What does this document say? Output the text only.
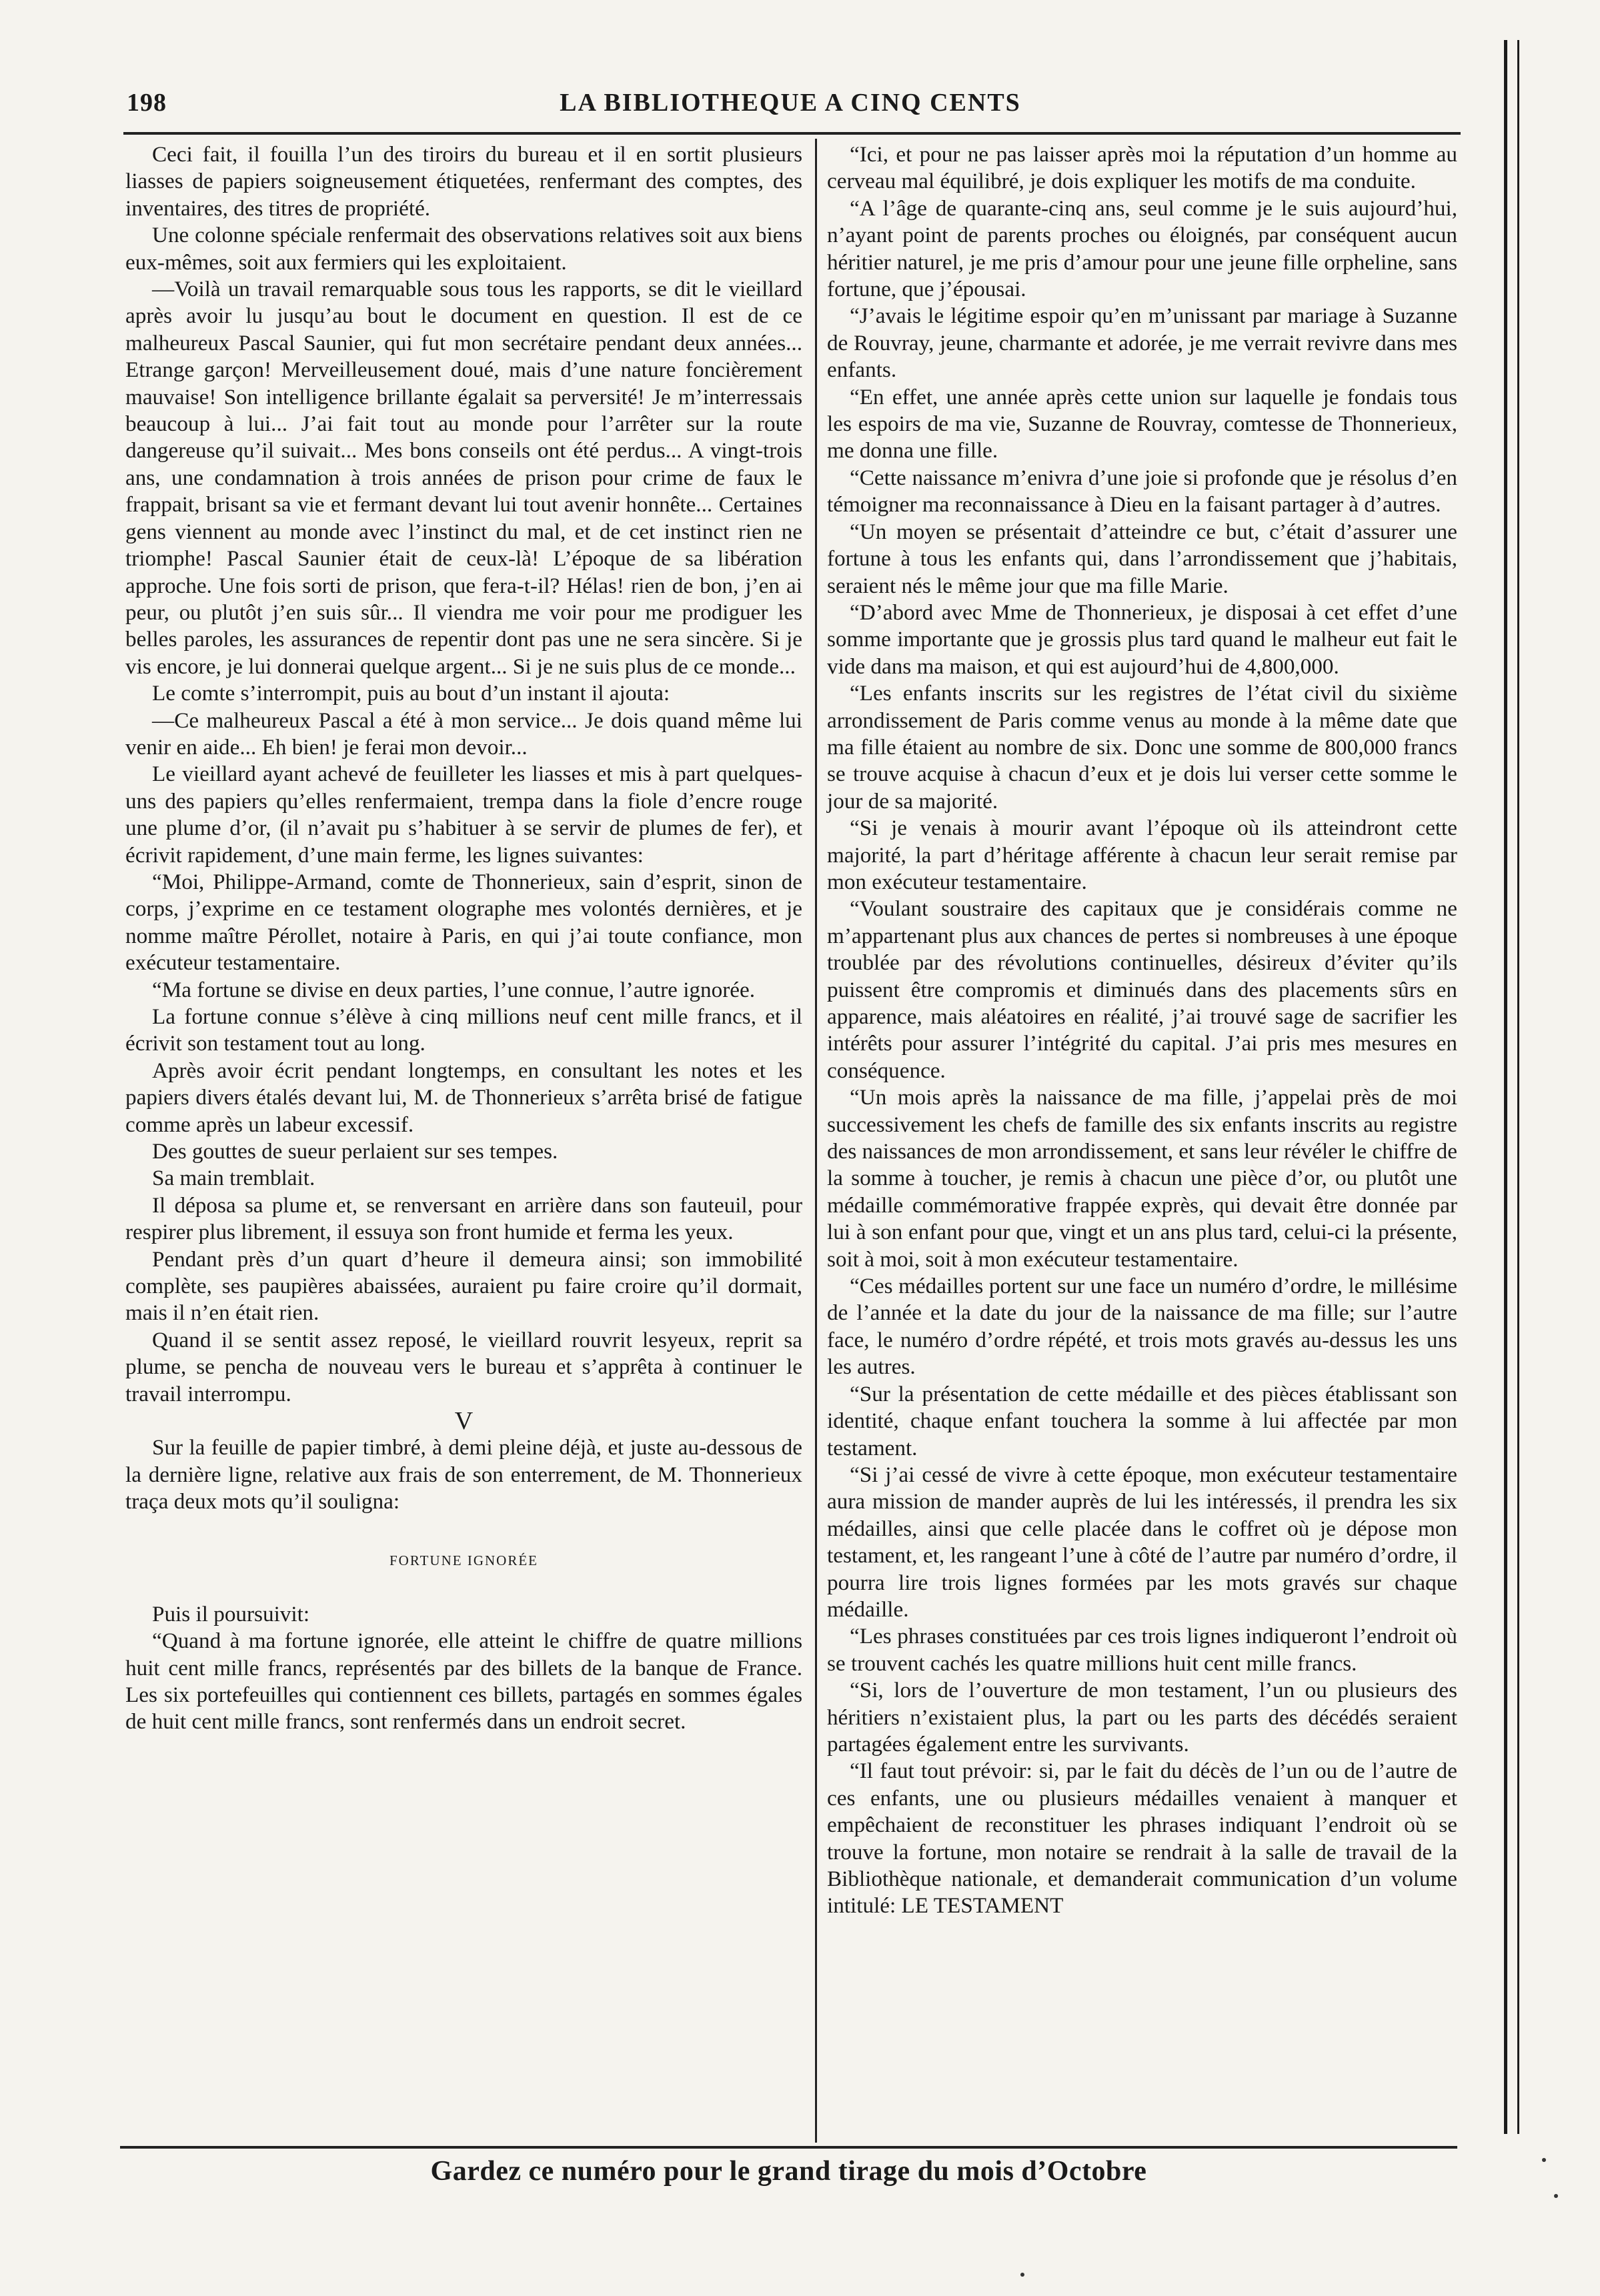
198	LA BIBLIOTHEQUE A CINQ CENTS

Ceci fait, il fouilla l’un des tiroirs du bureau et il en sortit plusieurs liasses de papiers soigneusement étiquetées, renfermant des comptes, des inventaires, des titres de propriété.

Une colonne spéciale renfermait des observations relatives soit aux biens eux-mêmes, soit aux fermiers qui les exploitaient.

—Voilà un travail remarquable sous tous les rapports, se dit le vieillard après avoir lu jusqu’au bout le document en question. Il est de ce malheureux Pascal Saunier, qui fut mon secrétaire pendant deux années... Etrange garçon! Merveilleusement doué, mais d’une nature foncièrement mauvaise! Son intelligence brillante égalait sa perversité! Je m’interressais beaucoup à lui... J’ai fait tout au monde pour l’arrêter sur la route dangereuse qu’il suivait... Mes bons conseils ont été perdus... A vingt-trois ans, une condamnation à trois années de prison pour crime de faux le frappait, brisant sa vie et fermant devant lui tout avenir honnête... Certaines gens viennent au monde avec l’instinct du mal, et de cet instinct rien ne triomphe! Pascal Saunier était de ceux-là! L’époque de sa libération approche. Une fois sorti de prison, que fera-t-il? Hélas! rien de bon, j’en ai peur, ou plutôt j’en suis sûr... Il viendra me voir pour me prodiguer les belles paroles, les assurances de repentir dont pas une ne sera sincère. Si je vis encore, je lui donnerai quelque argent... Si je ne suis plus de ce monde...

Le comte s’interrompit, puis au bout d’un instant il ajouta:

—Ce malheureux Pascal a été à mon service... Je dois quand même lui venir en aide... Eh bien! je ferai mon devoir...

Le vieillard ayant achevé de feuilleter les liasses et mis à part quelques-uns des papiers qu’elles renfermaient, trempa dans la fiole d’encre rouge une plume d’or, (il n’avait pu s’habituer à se servir de plumes de fer), et écrivit rapidement, d’une main ferme, les lignes suivantes:

“Moi, Philippe-Armand, comte de Thonnerieux, sain d’esprit, sinon de corps, j’exprime en ce testament olographe mes volontés dernières, et je nomme maître Pérollet, notaire à Paris, en qui j’ai toute confiance, mon exécuteur testamentaire.

“Ma fortune se divise en deux parties, l’une connue, l’autre ignorée.

La fortune connue s’élève à cinq millions neuf cent mille francs, et il écrivit son testament tout au long.

Après avoir écrit pendant longtemps, en consultant les notes et les papiers divers étalés devant lui, M. de Thonnerieux s’arrêta brisé de fatigue comme après un labeur excessif.

Des gouttes de sueur perlaient sur ses tempes.

Sa main tremblait.

Il déposa sa plume et, se renversant en arrière dans son fauteuil, pour respirer plus librement, il essuya son front humide et ferma les yeux.

Pendant près d’un quart d’heure il demeura ainsi; son immobilité complète, ses paupières abaissées, auraient pu faire croire qu’il dormait, mais il n’en était rien.

Quand il se sentit assez reposé, le vieillard rouvrit lesyeux, reprit sa plume, se pencha de nouveau vers le bureau et s’apprêta à continuer le travail interrompu.

V

Sur la feuille de papier timbré, à demi pleine déjà, et juste au-dessous de la dernière ligne, relative aux frais de son enterrement, de M. Thonnerieux traça deux mots qu’il souligna:

FORTUNE IGNORÉE

Puis il poursuivit:

“Quand à ma fortune ignorée, elle atteint le chiffre de quatre millions huit cent mille francs, représentés par des billets de la banque de France. Les six portefeuilles qui contiennent ces billets, partagés en sommes égales de huit cent mille francs, sont renfermés dans un endroit secret.

“Ici, et pour ne pas laisser après moi la réputation d’un homme au cerveau mal équilibré, je dois expliquer les motifs de ma conduite.

“A l’âge de quarante-cinq ans, seul comme je le suis aujourd’hui, n’ayant point de parents proches ou éloignés, par conséquent aucun héritier naturel, je me pris d’amour pour une jeune fille orpheline, sans fortune, que j’épousai.

“J’avais le légitime espoir qu’en m’unissant par mariage à Suzanne de Rouvray, jeune, charmante et adorée, je me verrait revivre dans mes enfants.

“En effet, une année après cette union sur laquelle je fondais tous les espoirs de ma vie, Suzanne de Rouvray, comtesse de Thonnerieux, me donna une fille.

“Cette naissance m’enivra d’une joie si profonde que je résolus d’en témoigner ma reconnaissance à Dieu en la faisant partager à d’autres.

“Un moyen se présentait d’atteindre ce but, c’était d’assurer une fortune à tous les enfants qui, dans l’arrondissement que j’habitais, seraient nés le même jour que ma fille Marie.

“D’abord avec Mme de Thonnerieux, je disposai à cet effet d’une somme importante que je grossis plus tard quand le malheur eut fait le vide dans ma maison, et qui est aujourd’hui de 4,800,000.

“Les enfants inscrits sur les registres de l’état civil du sixième arrondissement de Paris comme venus au monde à la même date que ma fille étaient au nombre de six. Donc une somme de 800,000 francs se trouve acquise à chacun d’eux et je dois lui verser cette somme le jour de sa majorité.

“Si je venais à mourir avant l’époque où ils atteindront cette majorité, la part d’héritage afférente à chacun leur serait remise par mon exécuteur testamentaire.

“Voulant soustraire des capitaux que je considérais comme ne m’appartenant plus aux chances de pertes si nombreuses à une époque troublée par des révolutions continuelles, désireux d’éviter qu’ils puissent être compromis et diminués dans des placements sûrs en apparence, mais aléatoires en réalité, j’ai trouvé sage de sacrifier les intérêts pour assurer l’intégrité du capital. J’ai pris mes mesures en conséquence.

“Un mois après la naissance de ma fille, j’appelai près de moi successivement les chefs de famille des six enfants inscrits au registre des naissances de mon arrondissement, et sans leur révéler le chiffre de la somme à toucher, je remis à chacun une pièce d’or, ou plutôt une médaille commémorative frappée exprès, qui devait être donnée par lui à son enfant pour que, vingt et un ans plus tard, celui-ci la présente, soit à moi, soit à mon exécuteur testamentaire.

“Ces médailles portent sur une face un numéro d’ordre, le millésime de l’année et la date du jour de la naissance de ma fille; sur l’autre face, le numéro d’ordre répété, et trois mots gravés au-dessus les uns les autres.

“Sur la présentation de cette médaille et des pièces établissant son identité, chaque enfant touchera la somme à lui affectée par mon testament.

“Si j’ai cessé de vivre à cette époque, mon exécuteur testamentaire aura mission de mander auprès de lui les intéressés, il prendra les six médailles, ainsi que celle placée dans le coffret où je dépose mon testament, et, les rangeant l’une à côté de l’autre par numéro d’ordre, il pourra lire trois lignes formées par les mots gravés sur chaque médaille.

“Les phrases constituées par ces trois lignes indiqueront l’endroit où se trouvent cachés les quatre millions huit cent mille francs.

“Si, lors de l’ouverture de mon testament, l’un ou plusieurs des héritiers n’existaient plus, la part ou les parts des décédés seraient partagées également entre les survivants.

“Il faut tout prévoir: si, par le fait du décès de l’un ou de l’autre de ces enfants, une ou plusieurs médailles venaient à manquer et empêchaient de reconstituer les phrases indiquant l’endroit où se trouve la fortune, mon notaire se rendrait à la salle de travail de la Bibliothèque nationale, et demanderait communication d’un volume intitulé: LE TESTAMENT

Gardez ce numéro pour le grand tirage du mois d’Octobre
